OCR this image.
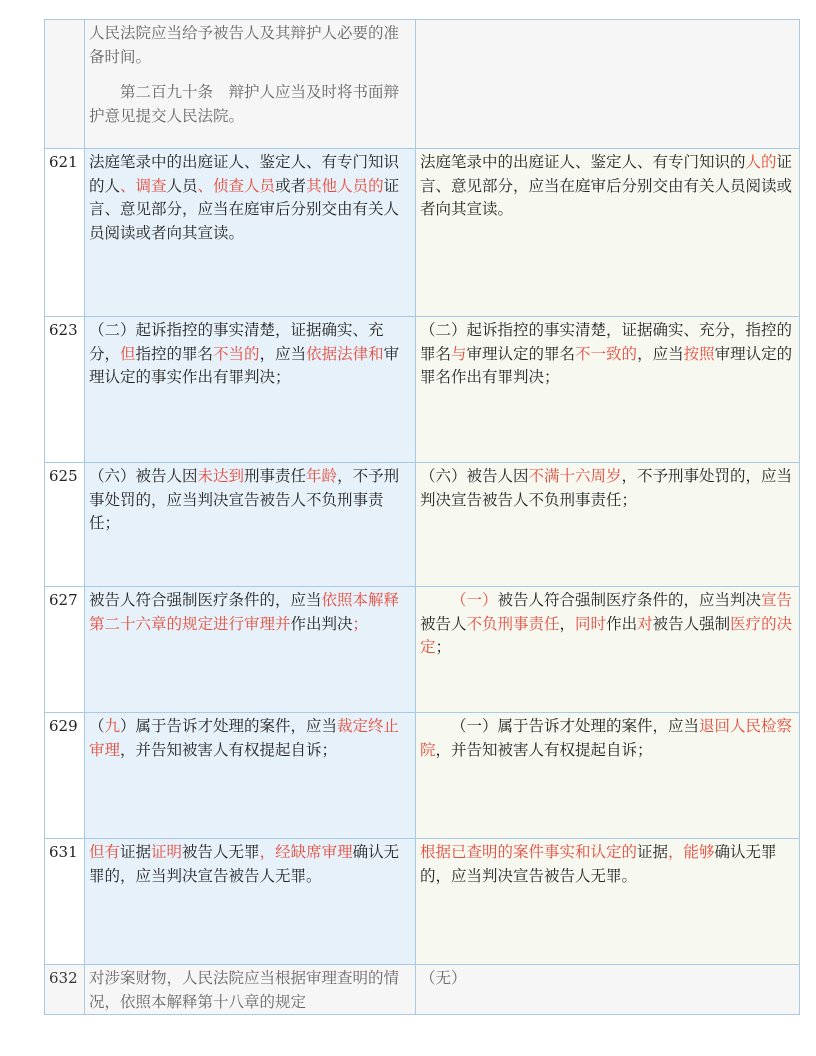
	人民法院应当给予被告人及其辩护人必要的准备时间。
第二百九十条　辩护人应当及时将书面辩护意见提交人民法院。	

621	法庭笔录中的出庭证人、鉴定人、有专门知识的人、调查人员、侦查人员或者其他人员的证言、意见部分，应当在庭审后分别交由有关人员阅读或者向其宣读。	法庭笔录中的出庭证人、鉴定人、有专门知识的人的证言、意见部分，应当在庭审后分别交由有关人员阅读或者向其宣读。

623	（二）起诉指控的事实清楚，证据确实、充分，但指控的罪名不当的，应当依据法律和审理认定的事实作出有罪判决；	（二）起诉指控的事实清楚，证据确实、充分，指控的罪名与审理认定的罪名不一致的，应当按照审理认定的罪名作出有罪判决；

625	（六）被告人因未达到刑事责任年龄，不予刑事处罚的，应当判决宣告被告人不负刑事责任；	（六）被告人因不满十六周岁，不予刑事处罚的，应当判决宣告被告人不负刑事责任；

627	被告人符合强制医疗条件的，应当依照本解释第二十六章的规定进行审理并作出判决；	（一）被告人符合强制医疗条件的，应当判决宣告被告人不负刑事责任，同时作出对被告人强制医疗的决定；

629	（九）属于告诉才处理的案件，应当裁定终止审理，并告知被害人有权提起自诉；	（一）属于告诉才处理的案件，应当退回人民检察院，并告知被害人有权提起自诉；

631	但有证据证明被告人无罪，经缺席审理确认无罪的，应当判决宣告被告人无罪。	根据已查明的案件事实和认定的证据，能够确认无罪的，应当判决宣告被告人无罪。

632	对涉案财物，人民法院应当根据审理查明的情况，依照本解释第十八章的规定	（无）
